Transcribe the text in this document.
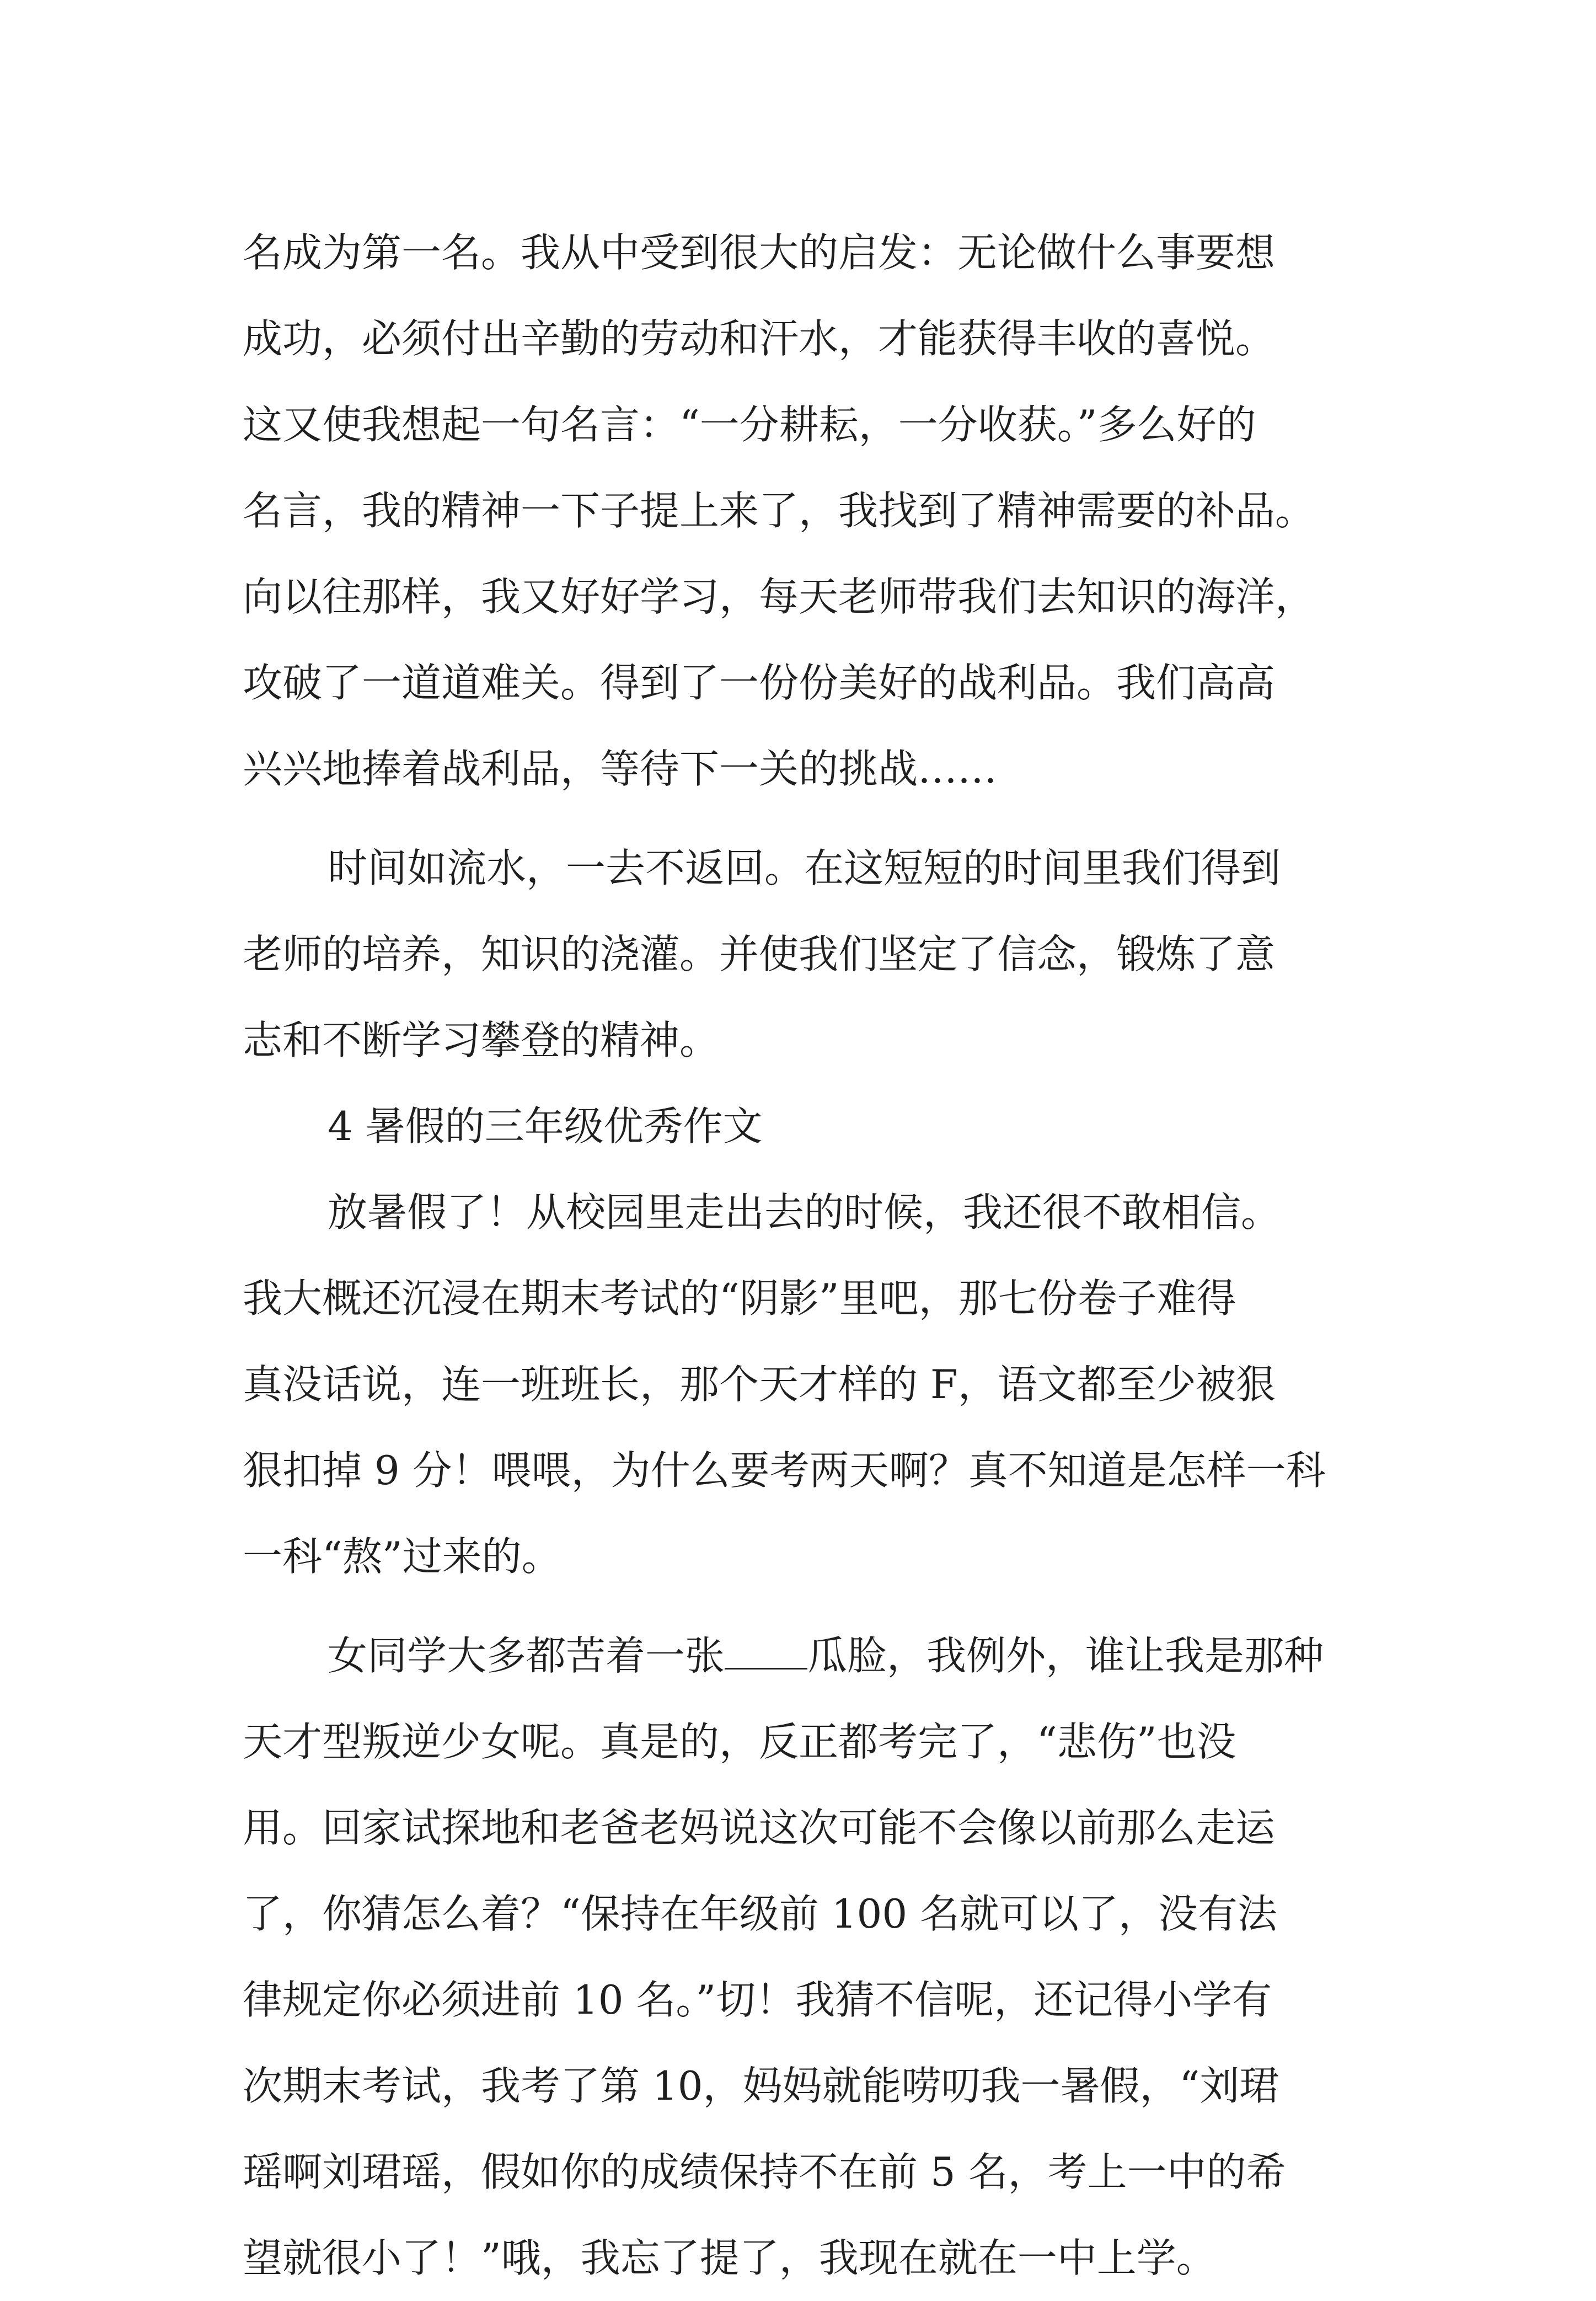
名成为第一名。我从中受到很大的启发：无论做什么事要想
成功，必须付出辛勤的劳动和汗水，才能获得丰收的喜悦。
这又使我想起一句名言：“一分耕耘，一分收获。”多么好的
名言，我的精神一下子提上来了，我找到了精神需要的补品。
向以往那样，我又好好学习，每天老师带我们去知识的海洋，
攻破了一道道难关。得到了一份份美好的战利品。我们高高
兴兴地捧着战利品，等待下一关的挑战……
时间如流水，一去不返回。在这短短的时间里我们得到
老师的培养，知识的浇灌。并使我们坚定了信念，锻炼了意
志和不断学习攀登的精神。
4 暑假的三年级优秀作文
放暑假了！从校园里走出去的时候，我还很不敢相信。
我大概还沉浸在期末考试的“阴影”里吧，那七份卷子难得
真没话说，连一班班长，那个天才样的 F，语文都至少被狠
狠扣掉 9 分！喂喂，为什么要考两天啊？真不知道是怎样一科
一科“熬”过来的。
女同学大多都苦着一张 瓜脸，我例外，谁让我是那种
天才型叛逆少女呢。真是的，反正都考完了，“悲伤”也没
用。回家试探地和老爸老妈说这次可能不会像以前那么走运
了，你猜怎么着？“保持在年级前 100 名就可以了，没有法
律规定你必须进前 10 名。”切！我猜不信呢，还记得小学有
次期末考试，我考了第 10，妈妈就能唠叨我一暑假，“刘珺
瑶啊刘珺瑶，假如你的成绩保持不在前 5 名，考上一中的希
望就很小了！”哦，我忘了提了，我现在就在一中上学。
